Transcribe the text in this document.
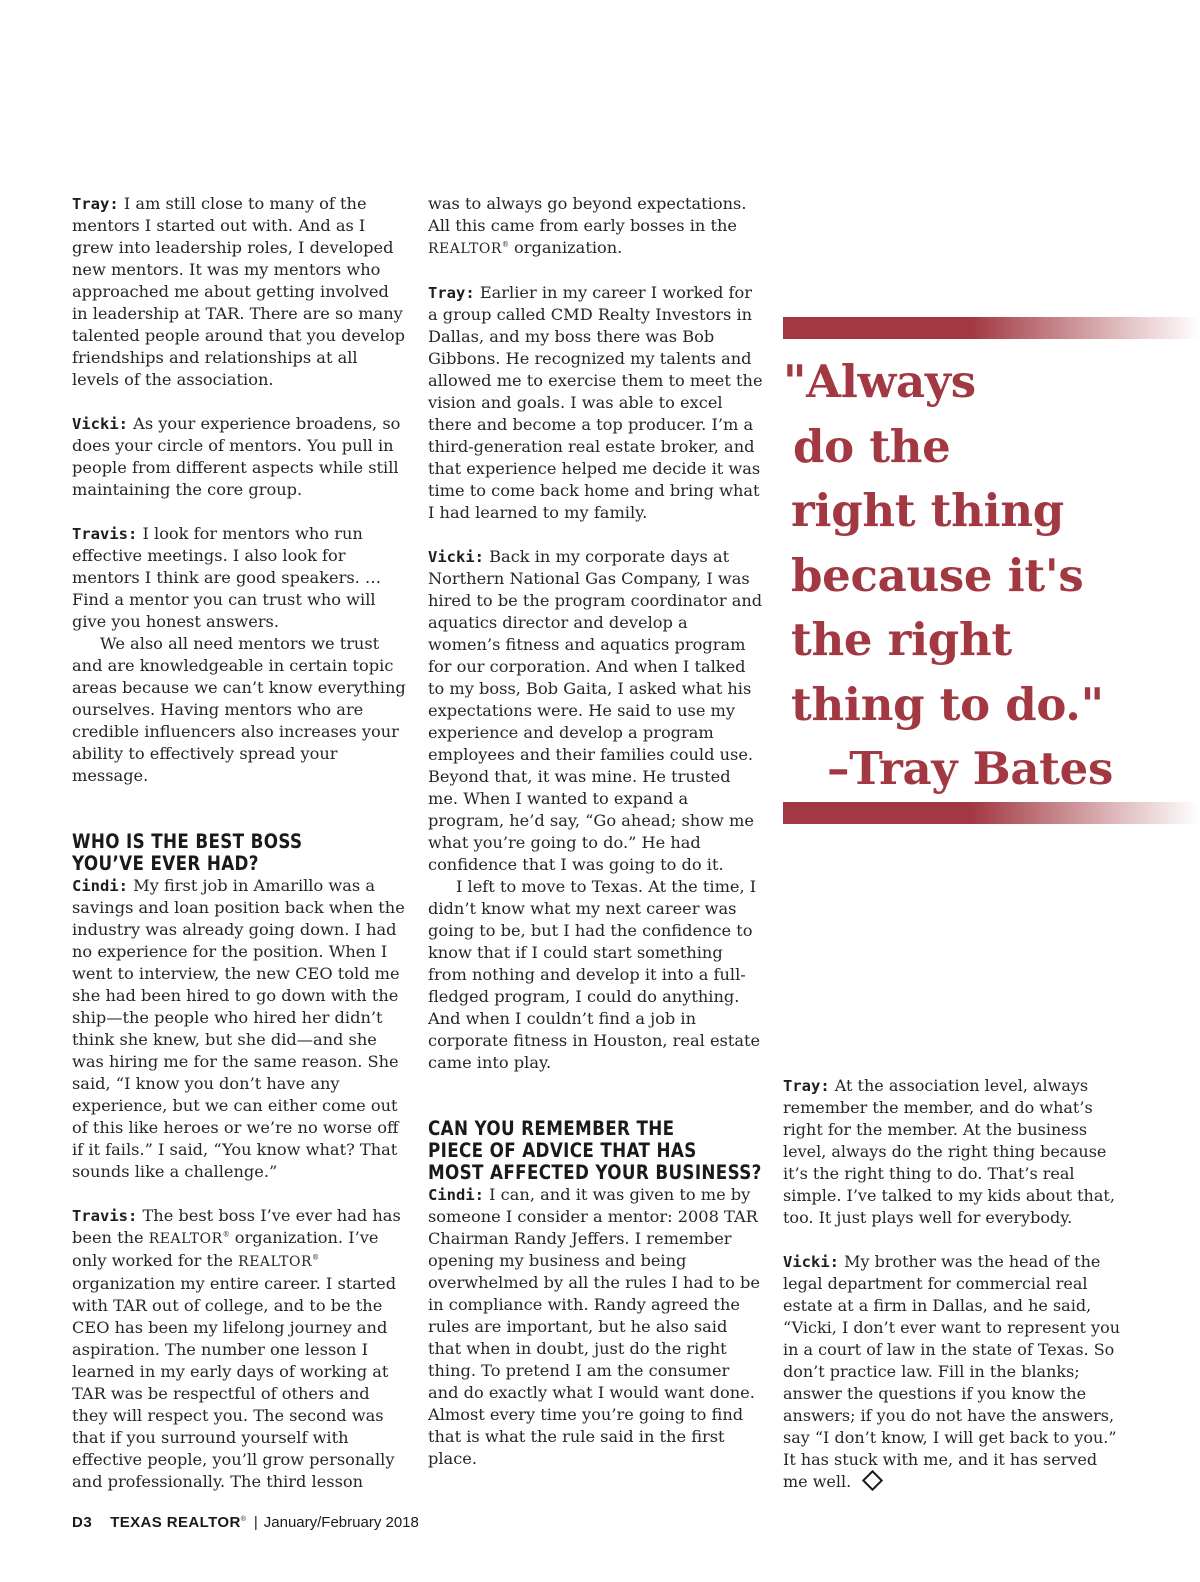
Tray: I am still close to many of the mentors I started out with. And as I grew into leadership roles, I developed new mentors. It was my mentors who approached me about getting involved in leadership at TAR. There are so many talented people around that you develop friendships and relationships at all levels of the association.

Vicki: As your experience broadens, so does your circle of mentors. You pull in people from different aspects while still maintaining the core group.

Travis: I look for mentors who run effective meetings. I also look for mentors I think are good speakers. … Find a mentor you can trust who will give you honest answers.

We also all need mentors we trust and are knowledgeable in certain topic areas because we can’t know everything ourselves. Having mentors who are credible influencers also increases your ability to effectively spread your message.

WHO IS THE BEST BOSS

YOU’VE EVER HAD?

Cindi: My first job in Amarillo was a savings and loan position back when the industry was already going down. I had no experience for the position. When I went to interview, the new CEO told me she had been hired to go down with the ship—the people who hired her didn’t think she knew, but she did—and she was hiring me for the same reason. She said, “I know you don’t have any experience, but we can either come out of this like heroes or we’re no worse off if it fails.” I said, “You know what? That sounds like a challenge.”

Travis: The best boss I’ve ever had has been the REALTOR® organization. I’ve only worked for the REALTOR® organization my entire career. I started with TAR out of college, and to be the CEO has been my lifelong journey and aspiration. The number one lesson I learned in my early days of working at TAR was be respectful of others and they will respect you. The second was that if you surround yourself with effective people, you’ll grow personally and professionally. The third lesson

was to always go beyond expectations. All this came from early bosses in the REALTOR® organization.

Tray: Earlier in my career I worked for a group called CMD Realty Investors in Dallas, and my boss there was Bob Gibbons. He recognized my talents and allowed me to exercise them to meet the vision and goals. I was able to excel there and become a top producer. I’m a third-generation real estate broker, and that experience helped me decide it was time to come back home and bring what I had learned to my family.

Vicki: Back in my corporate days at Northern National Gas Company, I was hired to be the program coordinator and aquatics director and develop a women’s fitness and aquatics program for our corporation. And when I talked to my boss, Bob Gaita, I asked what his expectations were. He said to use my experience and develop a program employees and their families could use. Beyond that, it was mine. He trusted me. When I wanted to expand a program, he’d say, “Go ahead; show me what you’re going to do.” He had confidence that I was going to do it.

I left to move to Texas. At the time, I didn’t know what my next career was going to be, but I had the confidence to know that if I could start something from nothing and develop it into a full-fledged program, I could do anything. And when I couldn’t find a job in corporate fitness in Houston, real estate came into play.

CAN YOU REMEMBER THE

PIECE OF ADVICE THAT HAS

MOST AFFECTED YOUR BUSINESS?

Cindi: I can, and it was given to me by someone I consider a mentor: 2008 TAR Chairman Randy Jeffers. I remember opening my business and being overwhelmed by all the rules I had to be in compliance with. Randy agreed the rules are important, but he also said that when in doubt, just do the right thing. To pretend I am the consumer and do exactly what I would want done. Almost every time you’re going to find that is what the rule said in the first place.

"Always
do the
right thing
because it's
the right
thing to do."
–Tray Bates

Tray: At the association level, always remember the member, and do what’s right for the member. At the business level, always do the right thing because it’s the right thing to do. That’s real simple. I’ve talked to my kids about that, too. It just plays well for everybody.

Vicki: My brother was the head of the legal department for commercial real estate at a firm in Dallas, and he said, “Vicki, I don’t ever want to represent you in a court of law in the state of Texas. So don’t practice law. Fill in the blanks; answer the questions if you know the answers; if you do not have the answers, say “I don’t know, I will get back to you.” It has stuck with me, and it has served me well.

D3 TEXAS REALTOR® | January/February 2018
